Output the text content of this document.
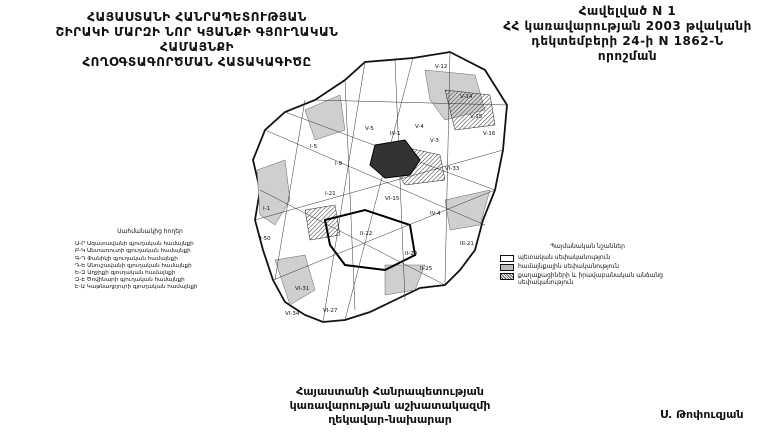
ՀԱՅԱՍՏԱՆԻ ՀԱՆՐԱՊԵՏՈՒԹՅԱՆ
ՇԻՐԱԿԻ ՄԱՐԶԻ ՆՈՐ ԿՅԱՆՔԻ ԳՅՈՒՂԱԿԱՆ ՀԱՄԱՅՆՔԻ
ՀՈՂՕԳՏԱԳՈՐԾՄԱՆ ՀԱՏԱԿԱԳԻԾԸ
Հավելված N 1
ՀՀ կառավարության 2003 թվականի
դեկտեմբերի 24-ի N 1862-Ն որոշման
V-12
V-14
V-15
V-16
I-5
I-9
I-1
I-50
I-21
II-22
II-24
II-25
VI-33
VI-27
VI-31
VI-34
V-4
V-3
III-21
VI-15
IV-1
V-5
IV-4
Սահմանակից հողեր
Ա-Ր Ազատավանի գյուղական համայնքի
Բ-Կ Անտառուտի գյուղական համայնքի
Գ-Դ Փանիկի գյուղական համայնքի
Դ-Ե Անուշավանի գյուղական համայնքի
Ե-Զ Աղջիքի գյուղական համայնքի
Զ-Է Ծովինարի գյուղական համայնքի
Է-Ա Կաթնաղբյուրի գյուղական համայնքի
Պայմանական նշաններ
պետական սեփականություն
համայնքային սեփականություն
քաղաքացիների և իրավաբանական անձանց սեփականություն
Հայաստանի Հանրապետության
կառավարության աշխատակազմի
ղեկավար-նախարար	Ս. Թոփուզյան
